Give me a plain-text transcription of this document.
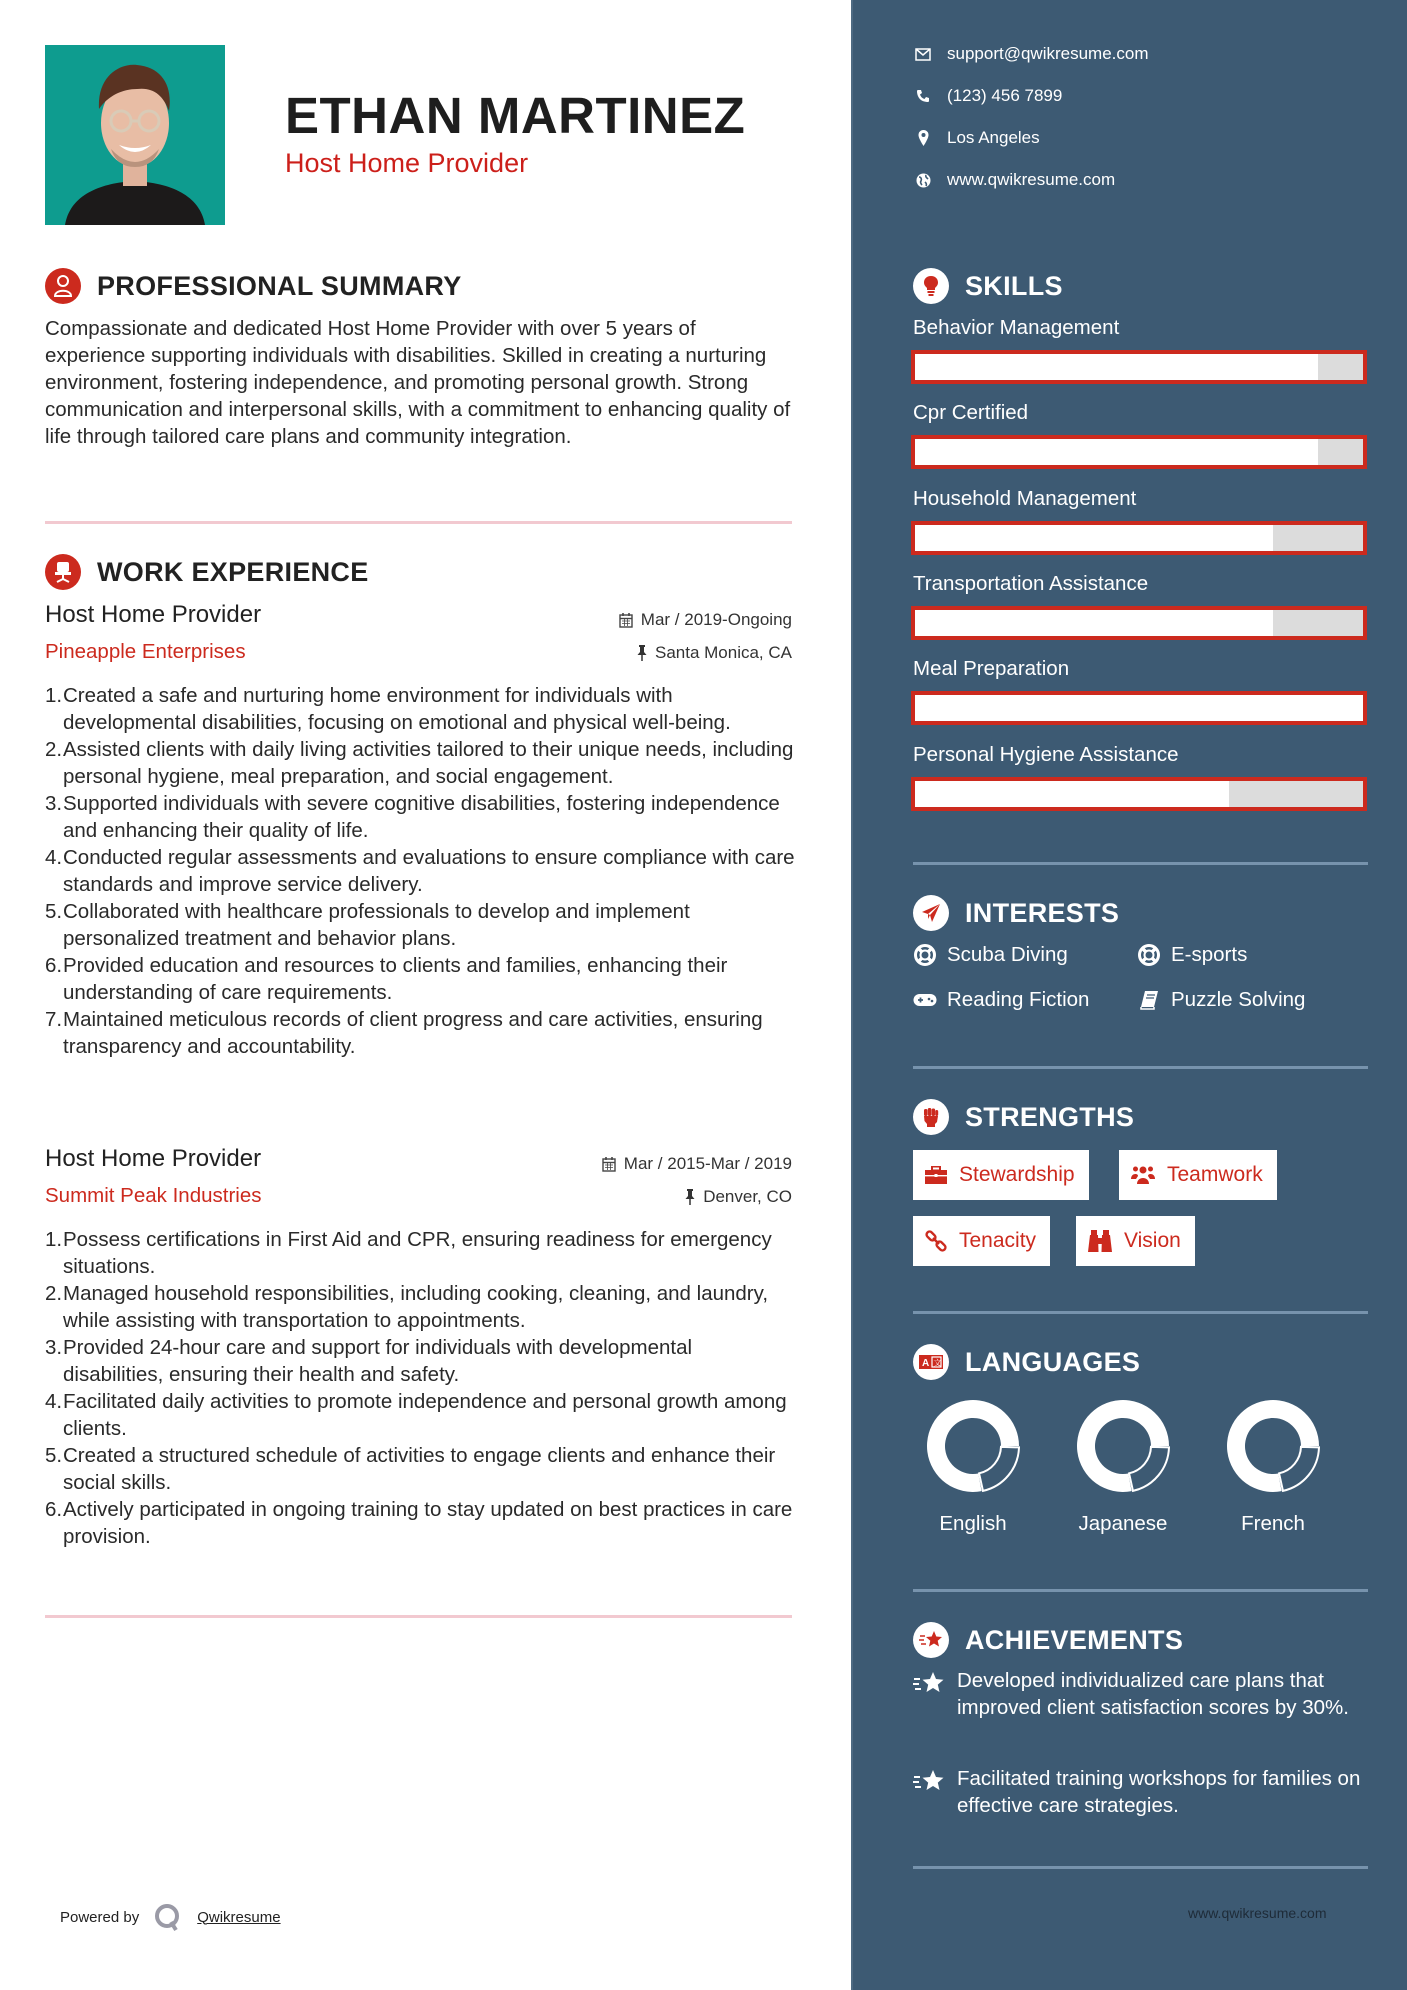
ETHAN MARTINEZ
Host Home Provider
PROFESSIONAL SUMMARY
Compassionate and dedicated Host Home Provider with over 5 years of experience supporting individuals with disabilities. Skilled in creating a nurturing environment, fostering independence, and promoting personal growth. Strong communication and interpersonal skills, with a commitment to enhancing quality of life through tailored care plans and community integration.
WORK EXPERIENCE
Host Home Provider	Mar / 2019-Ongoing
Pineapple Enterprises	Santa Monica, CA
1. Created a safe and nurturing home environment for individuals with developmental disabilities, focusing on emotional and physical well-being.
2. Assisted clients with daily living activities tailored to their unique needs, including personal hygiene, meal preparation, and social engagement.
3. Supported individuals with severe cognitive disabilities, fostering independence and enhancing their quality of life.
4. Conducted regular assessments and evaluations to ensure compliance with care standards and improve service delivery.
5. Collaborated with healthcare professionals to develop and implement personalized treatment and behavior plans.
6. Provided education and resources to clients and families, enhancing their understanding of care requirements.
7. Maintained meticulous records of client progress and care activities, ensuring transparency and accountability.
Host Home Provider	Mar / 2015-Mar / 2019
Summit Peak Industries	Denver, CO
1. Possess certifications in First Aid and CPR, ensuring readiness for emergency situations.
2. Managed household responsibilities, including cooking, cleaning, and laundry, while assisting with transportation to appointments.
3. Provided 24-hour care and support for individuals with developmental disabilities, ensuring their health and safety.
4. Facilitated daily activities to promote independence and personal growth among clients.
5. Created a structured schedule of activities to engage clients and enhance their social skills.
6. Actively participated in ongoing training to stay updated on best practices in care provision.
Powered by	Qwikresume
support@qwikresume.com
(123) 456 7899
Los Angeles
www.qwikresume.com
SKILLS
Behavior Management
Cpr Certified
Household Management
Transportation Assistance
Meal Preparation
Personal Hygiene Assistance
INTERESTS
Scuba Diving	E-sports
Reading Fiction	Puzzle Solving
STRENGTHS
Stewardship	Teamwork
Tenacity	Vision
A 文 LANGUAGES
English	Japanese	French
ACHIEVEMENTS
Developed individualized care plans that improved client satisfaction scores by 30%.
Facilitated training workshops for families on effective care strategies.
www.qwikresume.com
